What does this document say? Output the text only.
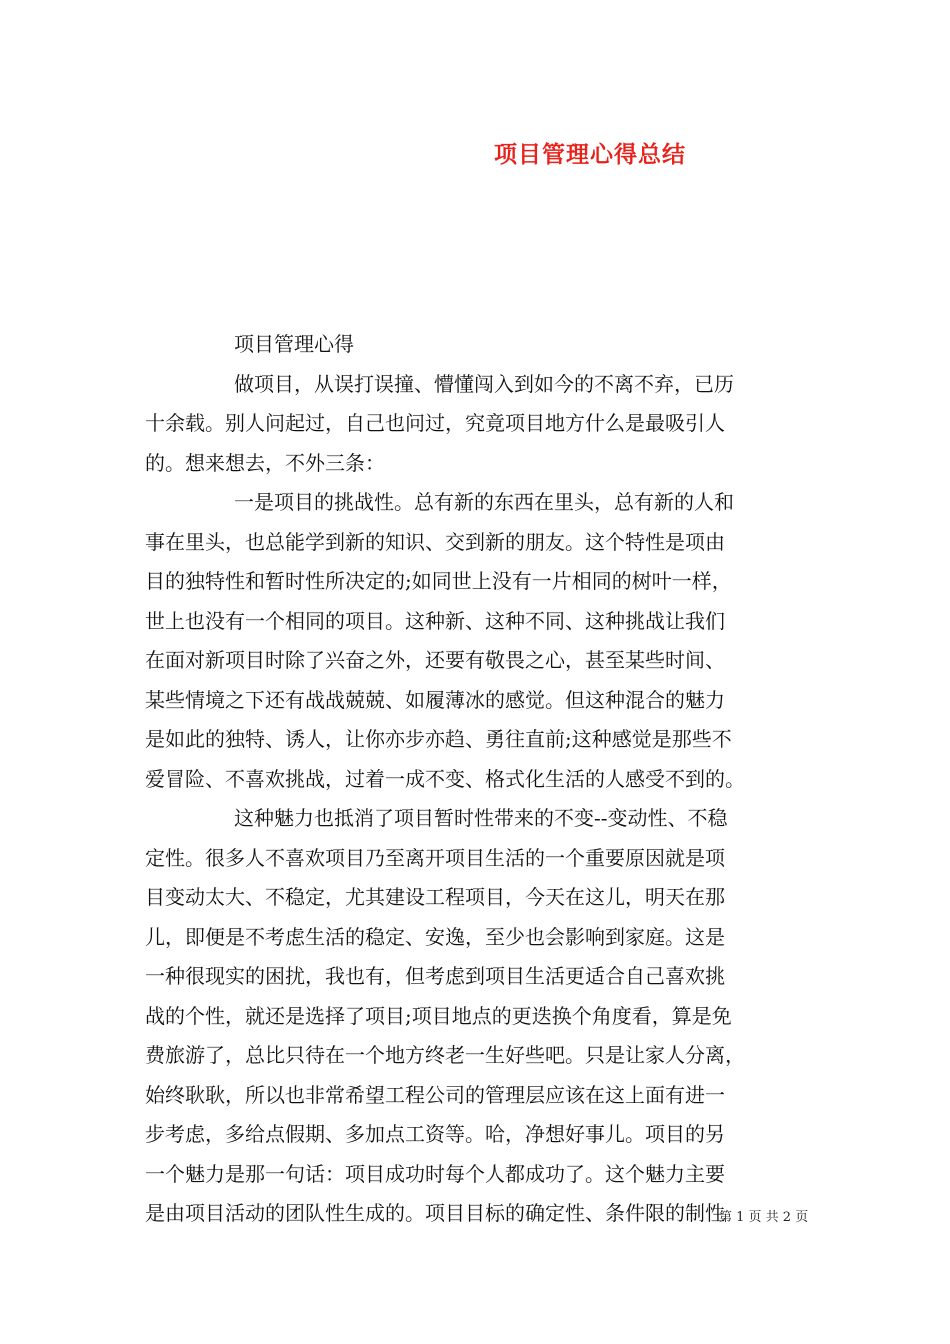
项目管理心得总结
项目管理心得
做项目，从误打误撞、懵懂闯入到如今的不离不弃，已历
十余载。别人问起过，自己也问过，究竟项目地方什么是最吸引人
的。想来想去，不外三条：
一是项目的挑战性。总有新的东西在里头，总有新的人和
事在里头，也总能学到新的知识、交到新的朋友。这个特性是项由
目的独特性和暂时性所决定的;如同世上没有一片相同的树叶一样，
世上也没有一个相同的项目。这种新、这种不同、这种挑战让我们
在面对新项目时除了兴奋之外，还要有敬畏之心，甚至某些时间、
某些情境之下还有战战兢兢、如履薄冰的感觉。但这种混合的魅力
是如此的独特、诱人，让你亦步亦趋、勇往直前;这种感觉是那些不
爱冒险、不喜欢挑战，过着一成不变、格式化生活的人感受不到的。
这种魅力也抵消了项目暂时性带来的不变--变动性、不稳
定性。很多人不喜欢项目乃至离开项目生活的一个重要原因就是项
目变动太大、不稳定，尤其建设工程项目，今天在这儿，明天在那
儿，即便是不考虑生活的稳定、安逸，至少也会影响到家庭。这是
一种很现实的困扰，我也有，但考虑到项目生活更适合自己喜欢挑
战的个性，就还是选择了项目;项目地点的更迭换个角度看，算是免
费旅游了，总比只待在一个地方终老一生好些吧。只是让家人分离，
始终耿耿，所以也非常希望工程公司的管理层应该在这上面有进一
步考虑，多给点假期、多加点工资等。哈，净想好事儿。项目的另
一个魅力是那一句话：项目成功时每个人都成功了。这个魅力主要
是由项目活动的团队性生成的。项目目标的确定性、条件限的制性
第 1 页 共 2 页
